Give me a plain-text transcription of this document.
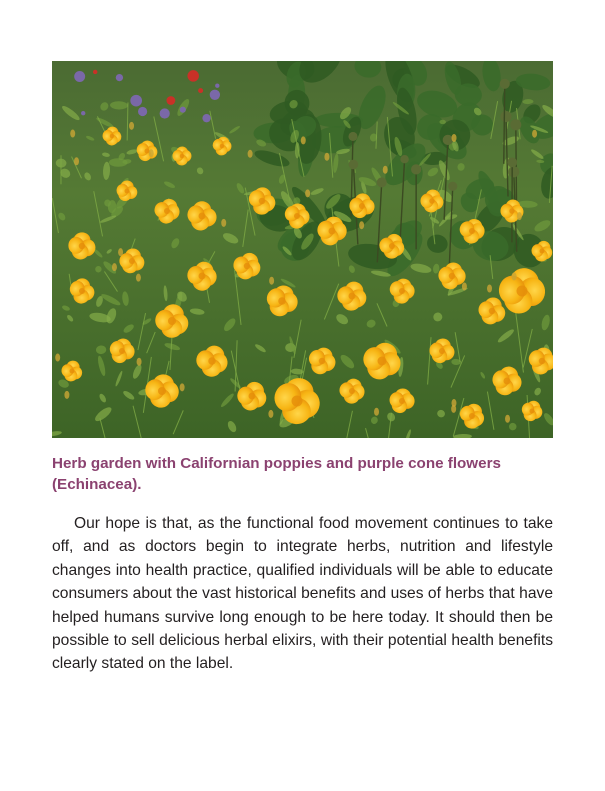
Herb garden with Californian poppies and purple cone flowers (Echinacea).

Our hope is that, as the functional food movement continues to take off, and as doctors begin to integrate herbs, nutrition and lifestyle changes into health practice, qualified individuals will be able to educate consumers about the vast historical benefits and uses of herbs that have helped humans survive long enough to be here today. It should then be possible to sell delicious herbal elixirs, with their potential health benefits clearly stated on the label.
